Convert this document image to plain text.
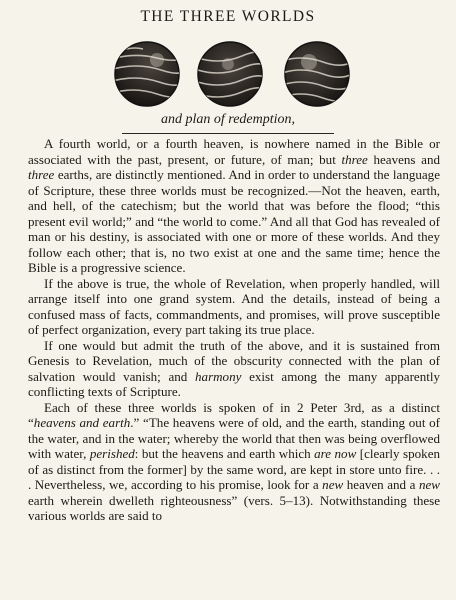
THE THREE WORLDS
and plan of redemption,

A fourth world, or a fourth heaven, is nowhere named in the Bible or associated with the past, present, or future, of man; but three heavens and three earths, are distinctly mentioned. And in order to understand the language of Scripture, these three worlds must be recognized.—Not the heaven, earth, and hell, of the catechism; but the world that was before the flood; “this present evil world;” and “the world to come.” And all that God has revealed of man or his destiny, is associated with one or more of these worlds. And they follow each other; that is, no two exist at one and the same time; hence the Bible is a progressive science.

If the above is true, the whole of Revelation, when properly handled, will arrange itself into one grand system. And the details, instead of being a confused mass of facts, commandments, and promises, will prove susceptible of perfect organization, every part taking its true place.

If one would but admit the truth of the above, and it is sustained from Genesis to Revelation, much of the obscurity connected with the plan of salvation would vanish; and harmony exist among the many apparently conflicting texts of Scripture.

Each of these three worlds is spoken of in 2 Peter 3rd, as a distinct “heavens and earth.” “The heavens were of old, and the earth, standing out of the water, and in the water; whereby the world that then was being overflowed with water, perished: but the heavens and earth which are now [clearly spoken of as distinct from the former] by the same word, are kept in store unto fire. . . . Nevertheless, we, according to his promise, look for a new heaven and a new earth wherein dwelleth righteousness” (vers. 5–13). Notwithstanding these various worlds are said to
